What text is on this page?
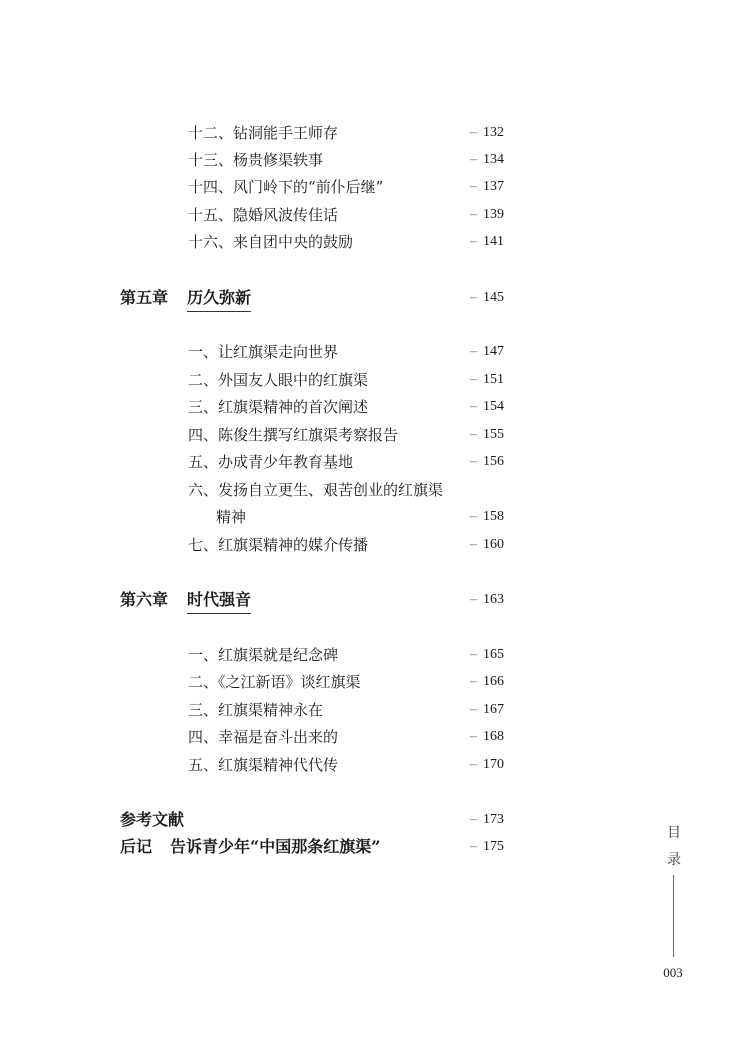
十二、钻洞能手王师存	– 132
十三、杨贵修渠轶事	– 134
十四、风门岭下的“前仆后继”	– 137
十五、隐婚风波传佳话	– 139
十六、来自团中央的鼓励	– 141
第五章 历久弥新	– 145
一、让红旗渠走向世界	– 147
二、外国友人眼中的红旗渠	– 151
三、红旗渠精神的首次阐述	– 154
四、陈俊生撰写红旗渠考察报告	– 155
五、办成青少年教育基地	– 156
六、发扬自立更生、艰苦创业的红旗渠
精神	– 158
七、红旗渠精神的媒介传播	– 160
第六章 时代强音	– 163
一、红旗渠就是纪念碑	– 165
二、《之江新语》谈红旗渠	– 166
三、红旗渠精神永在	– 167
四、幸福是奋斗出来的	– 168
五、红旗渠精神代代传	– 170
参考文献	– 173
后记 告诉青少年“中国那条红旗渠”	– 175
目
录
003
